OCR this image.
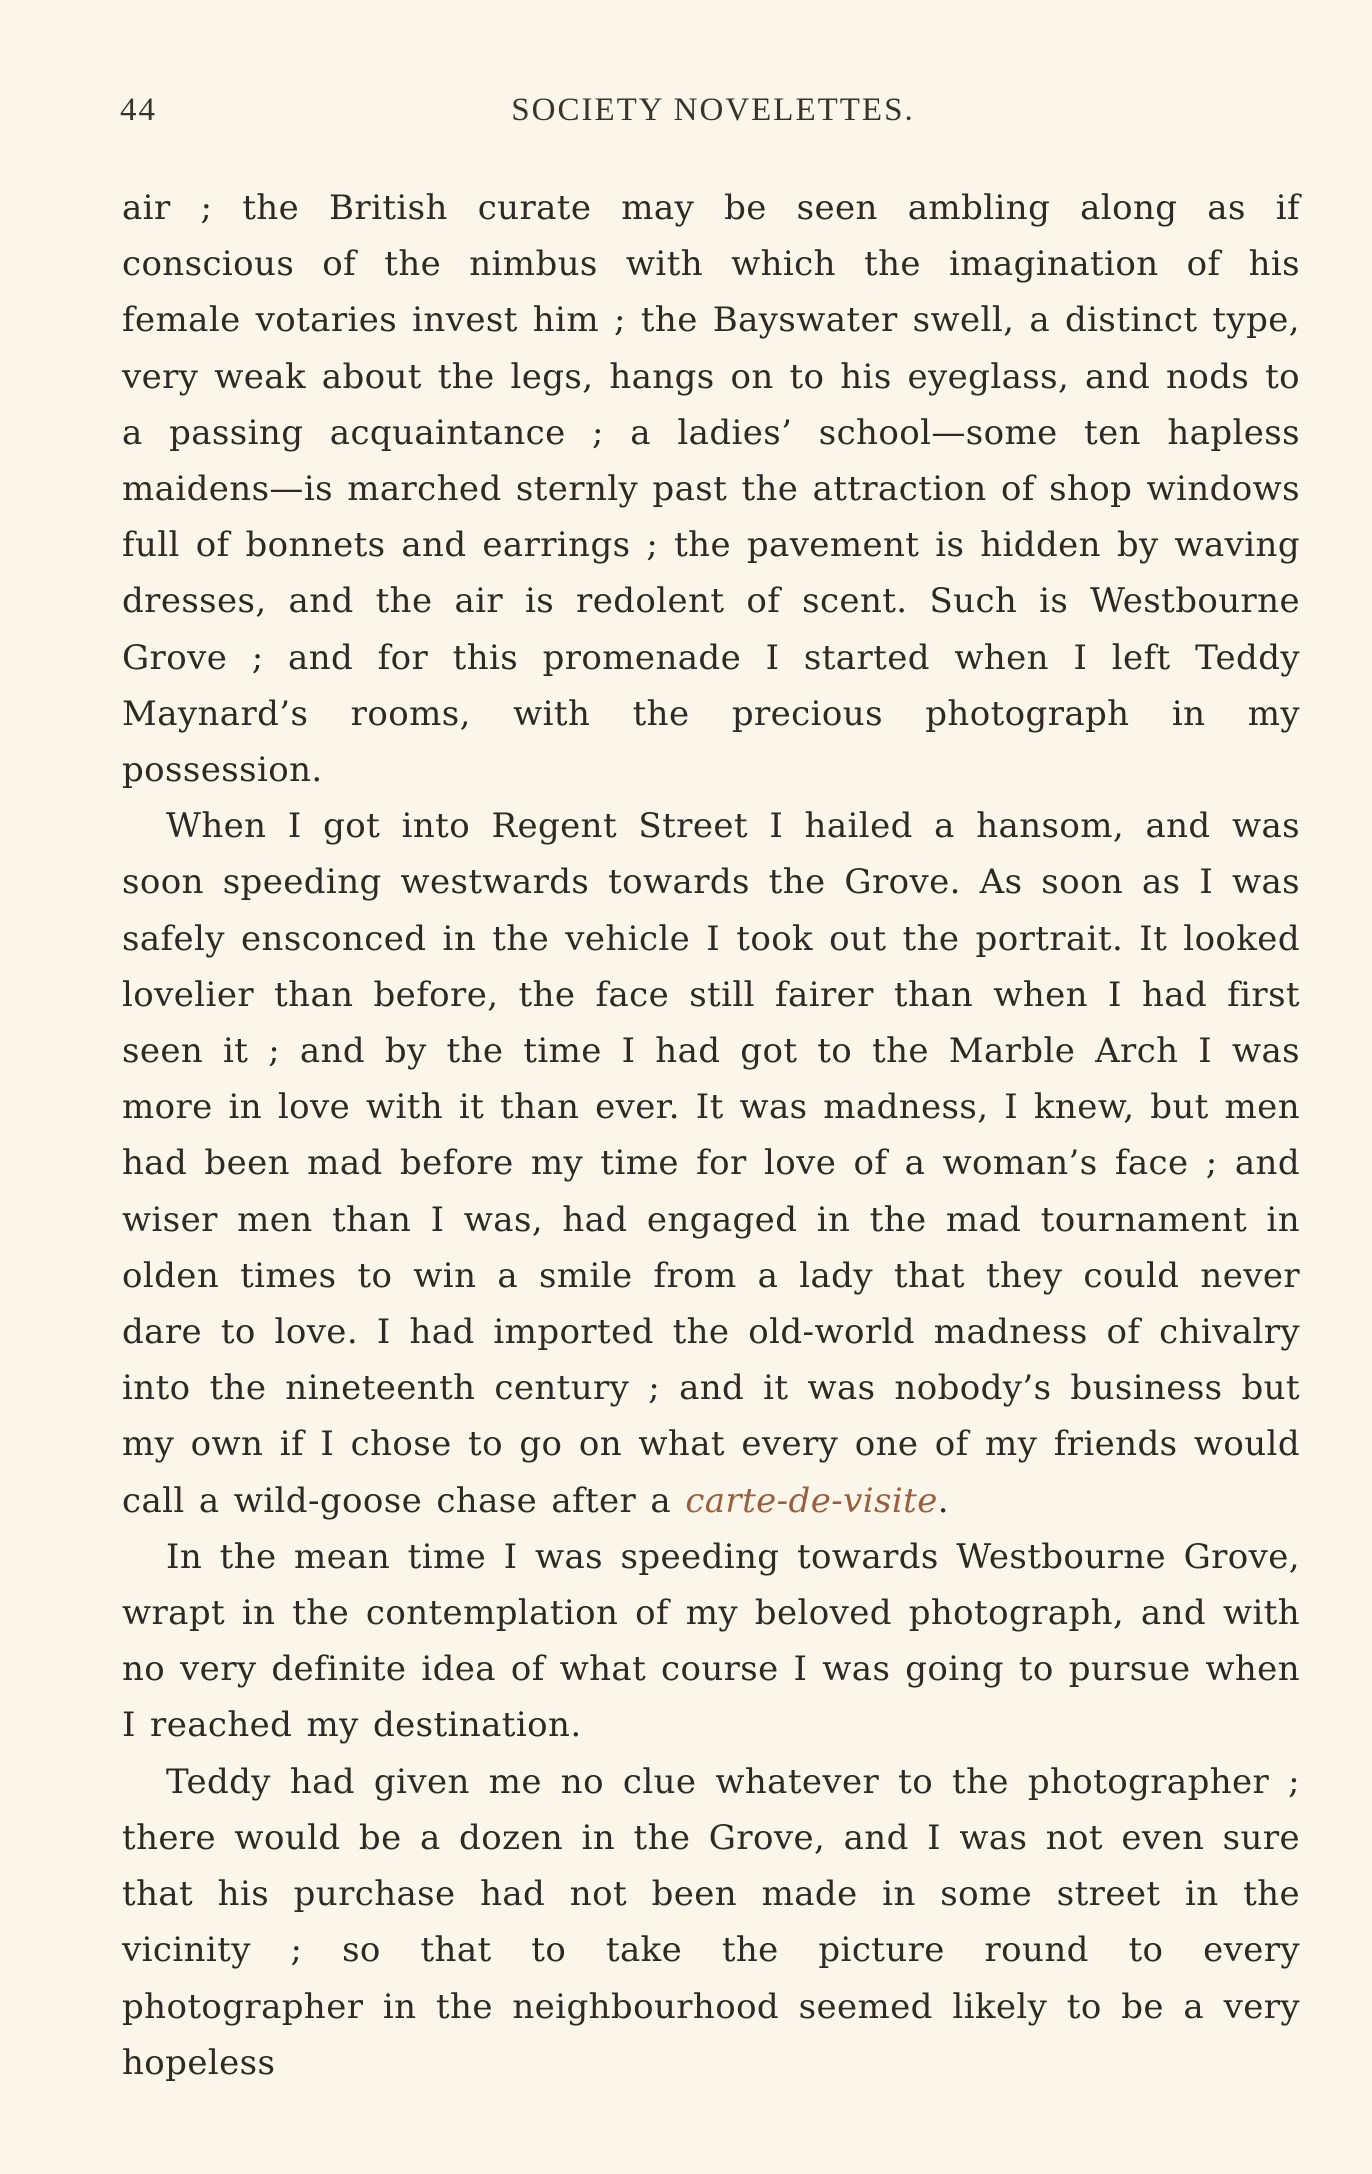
44	SOCIETY NOVELETTES.

air ; the British curate may be seen ambling along as if conscious of the nimbus with which the imagination of his female votaries invest him ; the Bayswater swell, a distinct type, very weak about the legs, hangs on to his eyeglass, and nods to a passing acquaintance ; a ladies’ school—some ten hapless maidens—is marched sternly past the attraction of shop windows full of bonnets and earrings ; the pavement is hidden by waving dresses, and the air is redolent of scent. Such is Westbourne Grove ; and for this promenade I started when I left Teddy Maynard’s rooms, with the precious photograph in my possession.

When I got into Regent Street I hailed a hansom, and was soon speeding westwards towards the Grove. As soon as I was safely ensconced in the vehicle I took out the portrait. It looked lovelier than before, the face still fairer than when I had first seen it ; and by the time I had got to the Marble Arch I was more in love with it than ever. It was madness, I knew, but men had been mad before my time for love of a woman’s face ; and wiser men than I was, had engaged in the mad tournament in olden times to win a smile from a lady that they could never dare to love. I had imported the old-world madness of chivalry into the nineteenth century ; and it was nobody’s business but my own if I chose to go on what every one of my friends would call a wild-goose chase after a carte-de-visite.

In the mean time I was speeding towards Westbourne Grove, wrapt in the contemplation of my beloved photograph, and with no very definite idea of what course I was going to pursue when I reached my destination.

Teddy had given me no clue whatever to the photographer ; there would be a dozen in the Grove, and I was not even sure that his purchase had not been made in some street in the vicinity ; so that to take the picture round to every photographer in the neighbourhood seemed likely to be a very hopeless
